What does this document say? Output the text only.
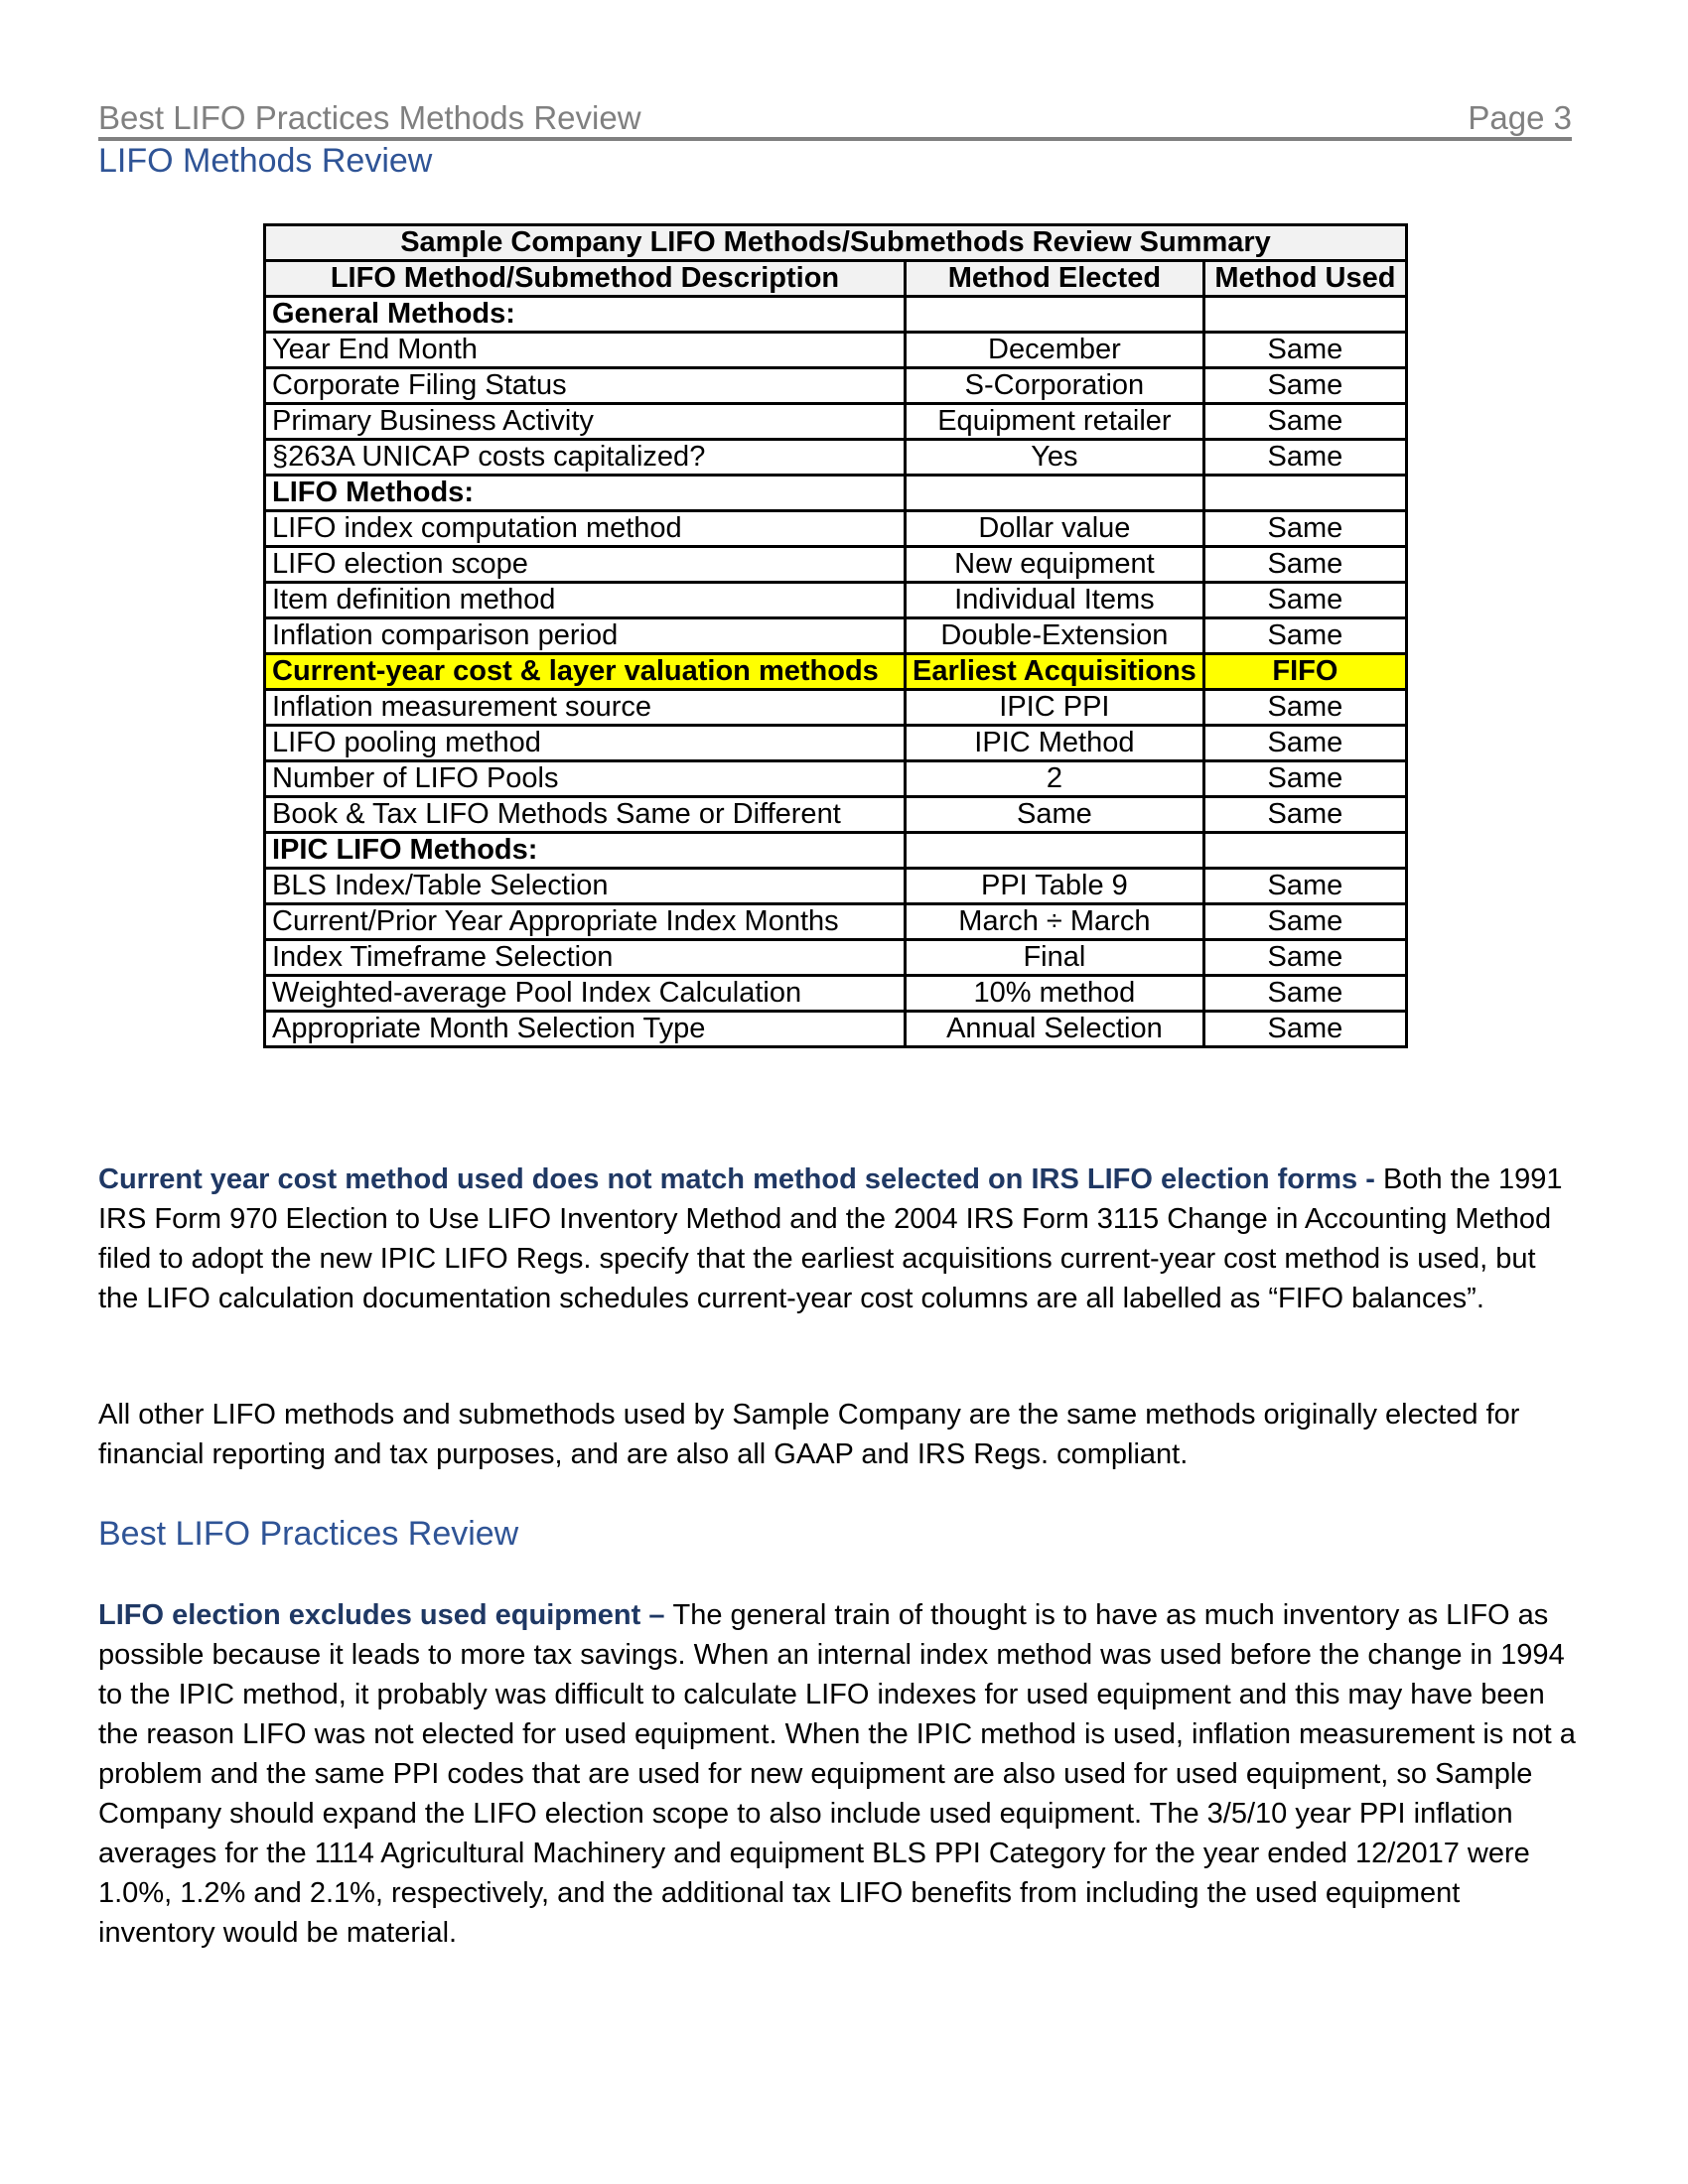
Best LIFO Practices Methods Review	Page 3
LIFO Methods Review
Sample Company LIFO Methods/Submethods Review Summary		
LIFO Method/Submethod Description	Method Elected	Method Used
General Methods:		
Year End Month	December	Same
Corporate Filing Status	S-Corporation	Same
Primary Business Activity	Equipment retailer	Same
§263A UNICAP costs capitalized?	Yes	Same
LIFO Methods:		
LIFO index computation method	Dollar value	Same
LIFO election scope	New equipment	Same
Item definition method	Individual Items	Same
Inflation comparison period	Double-Extension	Same
Current-year cost & layer valuation methods	Earliest Acquisitions	FIFO
Inflation measurement source	IPIC PPI	Same
LIFO pooling method	IPIC Method	Same
Number of LIFO Pools	2	Same
Book & Tax LIFO Methods Same or Different	Same	Same
IPIC LIFO Methods:		
BLS Index/Table Selection	PPI Table 9	Same
Current/Prior Year Appropriate Index Months	March ÷ March	Same
Index Timeframe Selection	Final	Same
Weighted-average Pool Index Calculation	10% method	Same
Appropriate Month Selection Type	Annual Selection	Same
Current year cost method used does not match method selected on IRS LIFO election forms - Both the 1991 IRS Form 970 Election to Use LIFO Inventory Method and the 2004 IRS Form 3115 Change in Accounting Method filed to adopt the new IPIC LIFO Regs. specify that the earliest acquisitions current-year cost method is used, but the LIFO calculation documentation schedules current-year cost columns are all labelled as “FIFO balances”.
All other LIFO methods and submethods used by Sample Company are the same methods originally elected for financial reporting and tax purposes, and are also all GAAP and IRS Regs. compliant.
Best LIFO Practices Review
LIFO election excludes used equipment – The general train of thought is to have as much inventory as LIFO as possible because it leads to more tax savings. When an internal index method was used before the change in 1994 to the IPIC method, it probably was difficult to calculate LIFO indexes for used equipment and this may have been the reason LIFO was not elected for used equipment. When the IPIC method is used, inflation measurement is not a problem and the same PPI codes that are used for new equipment are also used for used equipment, so Sample Company should expand the LIFO election scope to also include used equipment. The 3/5/10 year PPI inflation averages for the 1114 Agricultural Machinery and equipment BLS PPI Category for the year ended 12/2017 were 1.0%, 1.2% and 2.1%, respectively, and the additional tax LIFO benefits from including the used equipment inventory would be material.
